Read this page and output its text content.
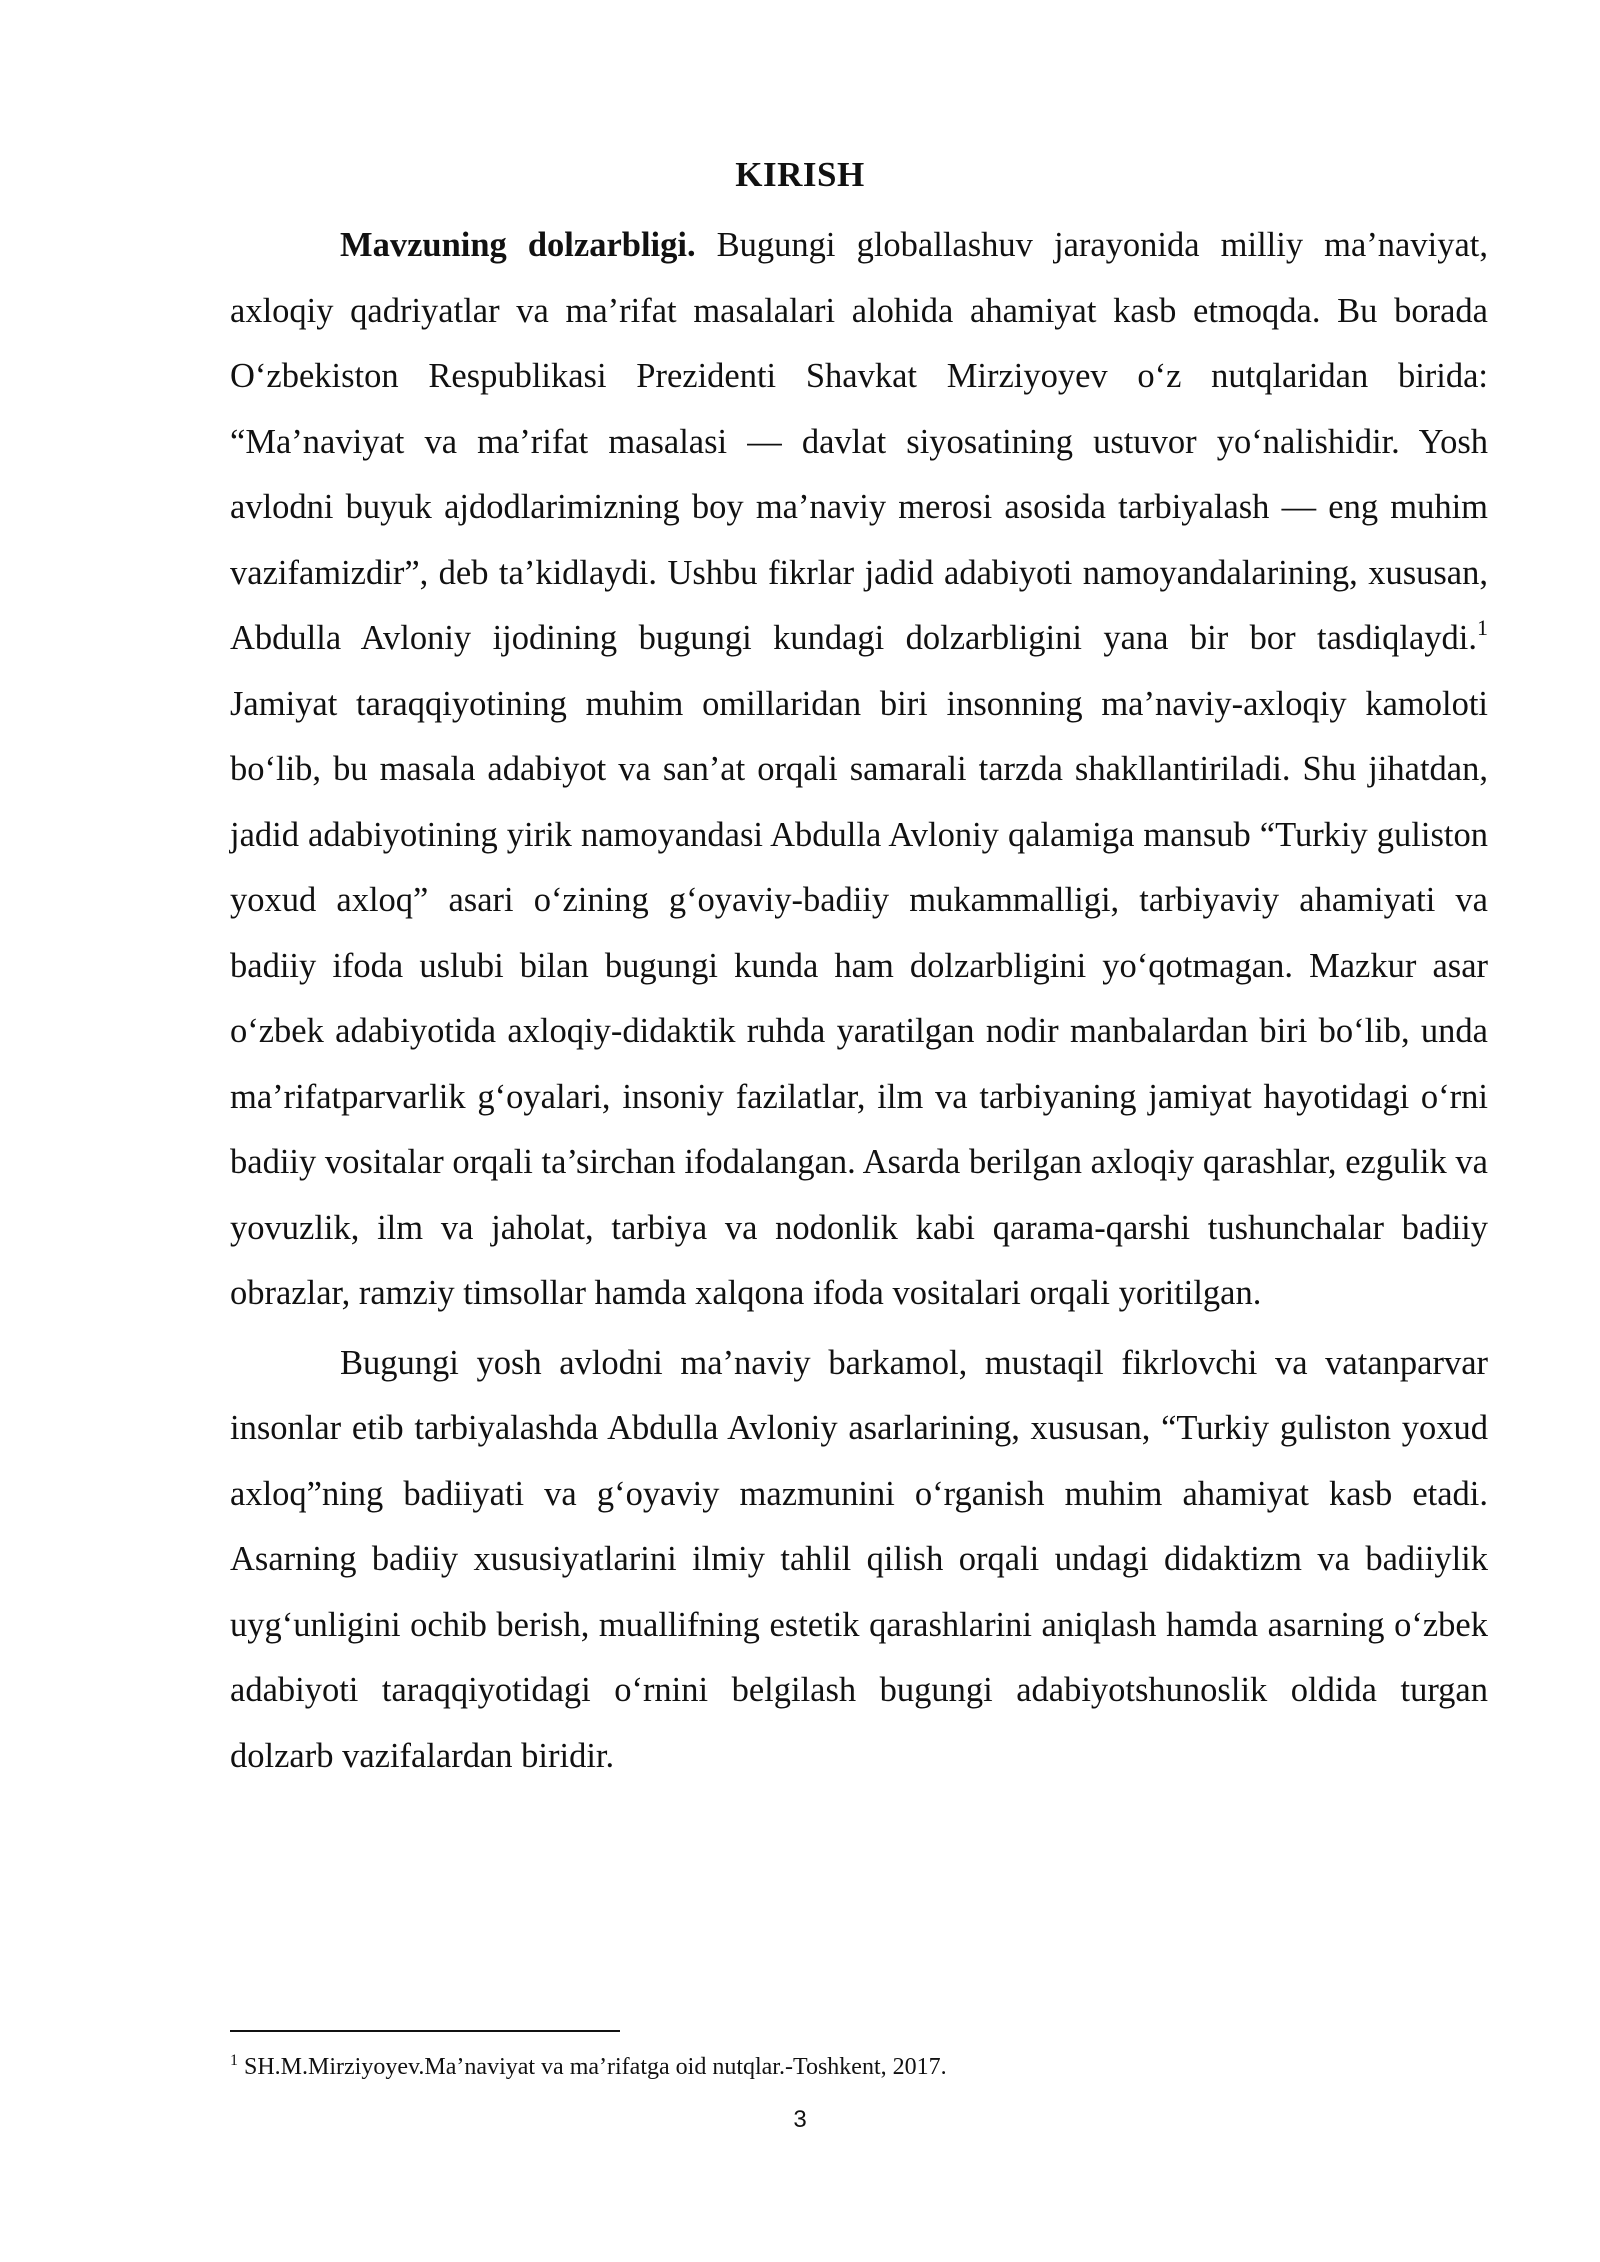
KIRISH

Mavzuning dolzarbligi. Bugungi globallashuv jarayonida milliy ma’naviyat, axloqiy qadriyatlar va ma’rifat masalalari alohida ahamiyat kasb etmoqda. Bu borada O‘zbekiston Respublikasi Prezidenti Shavkat Mirziyoyev o‘z nutqlaridan birida: “Ma’naviyat va ma’rifat masalasi — davlat siyosatining ustuvor yo‘nalishidir. Yosh avlodni buyuk ajdodlarimizning boy ma’naviy merosi asosida tarbiyalash — eng muhim vazifamizdir”, deb ta’kidlaydi. Ushbu fikrlar jadid adabiyoti namoyandalarining, xususan, Abdulla Avloniy ijodining bugungi kundagi dolzarbligini yana bir bor tasdiqlaydi.$^1$ Jamiyat taraqqiyotining muhim omillaridan biri insonning ma’naviy-axloqiy kamoloti bo‘lib, bu masala adabiyot va san’at orqali samarali tarzda shakllantiriladi. Shu jihatdan, jadid adabiyotining yirik namoyandasi Abdulla Avloniy qalamiga mansub “Turkiy guliston yoxud axloq” asari o‘zining g‘oyaviy-badiiy mukammalligi, tarbiyaviy ahamiyati va badiiy ifoda uslubi bilan bugungi kunda ham dolzarbligini yo‘qotmagan. Mazkur asar o‘zbek adabiyotida axloqiy-didaktik ruhda yaratilgan nodir manbalardan biri bo‘lib, unda ma’rifatparvarlik g‘oyalari, insoniy fazilatlar, ilm va tarbiyaning jamiyat hayotidagi o‘rni badiiy vositalar orqali ta’sirchan ifodalangan. Asarda berilgan axloqiy qarashlar, ezgulik va yovuzlik, ilm va jaholat, tarbiya va nodonlik kabi qarama-qarshi tushunchalar badiiy obrazlar, ramziy timsollar hamda xalqona ifoda vositalari orqali yoritilgan.

Bugungi yosh avlodni ma’naviy barkamol, mustaqil fikrlovchi va vatanparvar insonlar etib tarbiyalashda Abdulla Avloniy asarlarining, xususan, “Turkiy guliston yoxud axloq”ning badiiyati va g‘oyaviy mazmunini o‘rganish muhim ahamiyat kasb etadi. Asarning badiiy xususiyatlarini ilmiy tahlil qilish orqali undagi didaktizm va badiiylik uyg‘unligini ochib berish, muallifning estetik qarashlarini aniqlash hamda asarning o‘zbek adabiyoti taraqqiyotidagi o‘rnini belgilash bugungi adabiyotshunoslik oldida turgan dolzarb vazifalardan biridir.

$^1$ SH.M.Mirziyoyev.Ma’naviyat va ma’rifatga oid nutqlar.-Toshkent, 2017.
3
